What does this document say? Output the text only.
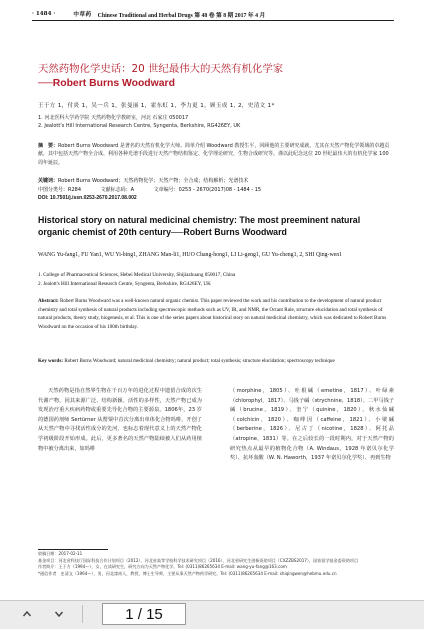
· 1484 ·	中草药 Chinese Traditional and Herbal Drugs 第 48 卷 第 8 期 2017 年 4 月
天然药物化学史话：20 世纪最伟大的天然有机化学家
──Robert Burns Woodward
王于方 1，付炎 1，吴一兵 1，张曼丽 1，霍东虹 1，李力更 1，顾玉成 1, 2，史清文 1*
1. 河北医科大学药学院 天然药物化学教研室，河北 石家庄 050017
2. Jealott's Hill International Research Centre, Syngenta, Berkshire, RG426EY, UK
摘　要：Robert Burns Woodward 是著名的天然有机化学大师。简单介绍 Woodward 教授生平，回顾他的主要研究成就，尤其在天然产物化学领域的卓越贡献，其中包括天然产物全合成、利用各种光谱手段进行天然产物结构鉴定、化学理论研究、生物合成研究等。谨以此纪念这位 20 世纪最伟大的有机化学家 100 周年诞辰。
关键词：Robert Burns Woodward；天然药物化学；天然产物；全合成；结构解析；光谱技术
中图分类号：R284	文献标志码：A	文章编号：0253 - 2670(2017)08 - 1484 - 15
DOI: 10.7501/j.issn.0253-2670.2017.08.002
Historical story on natural medicinal chemistry: The most preeminent natural organic chemist of 20th century──Robert Burns Woodward
WANG Yu-fang1, FU Yan1, WU Yi-bing1, ZHANG Man-li1, HUO Chang-hong1, LI Li-geng1, GU Yu-cheng1, 2, SHI Qing-wen1
1. College of Pharmaceutical Sciences, Hebei Medical University, Shijiazhuang 050017, China
2. Jealott's Hill International Research Centre, Syngenta, Berkshire, RG426EY, UK
Abstract: Robert Burns Woodward was a well-known natural organic chemist. This paper reviewed the work and his contribution to the development of natural product chemistry and total synthesis of natural products including spectroscopic methods such as UV, IR, and NMR, the Octant Rule, structure elucidation and total synthesis of natural products, theory study, biogenesis, et al. This is one of the series papers about historical story on natural medicinal chemistry, which was dedicated to Robert Burns Woodward on the occasion of his 100th birthday.
Key words: Robert Burns Woodward; natural medicinal chemistry; natural product; total synthesis; structure elucidation; spectroscopy technique
天然药物是指自然界生物在千百万年的进化过程中遗留合成的次生代谢产物，因其来源广泛、结构新颖、活性的多样性，天然产物已成为发现治疗重大疾病药物或重要先导化合物的主要源泉。1806年，23 岁的德国药剂师 Sertürner 从罂粟中首次分离出单体化合物吗啡，开创了从天然产物中寻找活性成分的先河，也标志着现代意义上的天然产物化学初级阶段开始形成。此后，更多著名的天然产物陆续被人们从药用植物中被分离出来，如吗啡
（morphine，1805）、吐根碱（emetine，1817）、叶绿素（chlorophyl，1817）、马钱子碱（strychnine，1818）、二甲马钱子碱（brucine，1819）、奎宁（quinine，1820）、秋水仙碱（colchicin，1820）、咖啡因（caffeine，1821）、小檗碱（berberine，1826）、尼古丁（nicotine，1828）、阿托品（atropine，1831）等。在之后较长的一段时期内，对于天然产物的研究热点从最早的植物化合物（A. Windaus，1928 年诺贝尔化学奖）、抗坏血酸（W. N. Haworth，1937 年诺贝尔化学奖）、再到生物
收稿日期：2017-02-11
基金项目：河北省科技厅国际科技合作计划项目（2012）、河北省高等学校科学技术研究项目（2016）、河北省研究生创新资助项目（CXZZBS2017），国家留学基金委资助项目
作者简介：王于方（1994—），女，在读研究生，研究方向为天然产物化学。Tel: (0311)86265634 E-mail: wang-yu-fang@163.com
*通信作者　史清文（1964—），男，河北滦南人，教授，博士生导师，主要从事天然产物药学研究。Tel: (0311)86265634 E-mail: shiqingwen@hebmu.edu.cn
1 / 15
